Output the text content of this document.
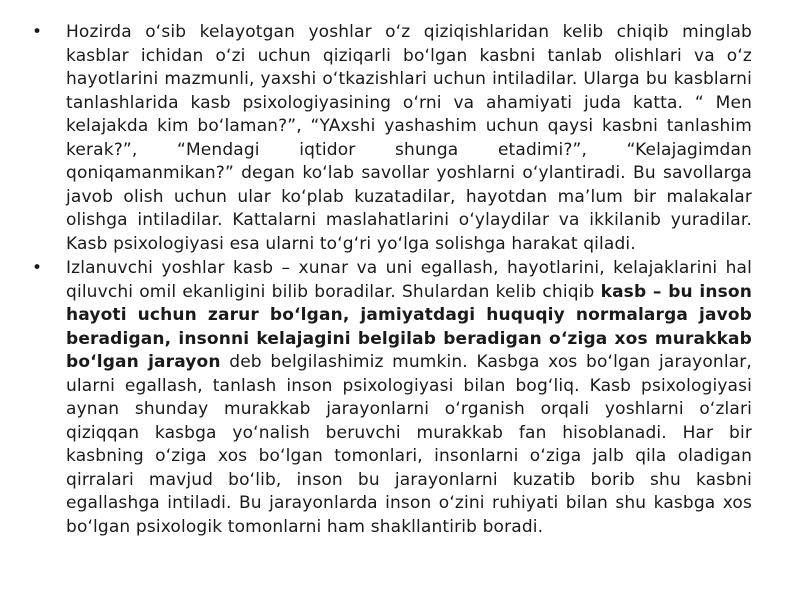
• Hozirda o‘sib kelayotgan yoshlar o‘z qiziqishlaridan kelib chiqib minglab kasblar ichidan o‘zi uchun qiziqarli bo‘lgan kasbni tanlab olishlari va o‘z hayotlarini mazmunli, yaxshi o‘tkazishlari uchun intiladilar. Ularga bu kasblarni tanlashlarida kasb psixologiyasining o‘rni va ahamiyati juda katta. “ Men kelajakda kim bo‘laman?”, “YAxshi yashashim uchun qaysi kasbni tanlashim kerak?”, “Mendagi iqtidor shunga etadimi?”, “Kelajagimdan qoniqamanmikan?” degan ko‘lab savollar yoshlarni o‘ylantiradi. Bu savollarga javob olish uchun ular ko‘plab kuzatadilar, hayotdan ma’lum bir malakalar olishga intiladilar. Kattalarni maslahatlarini o‘ylaydilar va ikkilanib yuradilar. Kasb psixologiyasi esa ularni to‘g‘ri yo‘lga solishga harakat qiladi.
• Izlanuvchi yoshlar kasb – xunar va uni egallash, hayotlarini, kelajaklarini hal qiluvchi omil ekanligini bilib boradilar. Shulardan kelib chiqib kasb – bu inson hayoti uchun zarur bo‘lgan, jamiyatdagi huquqiy normalarga javob beradigan, insonni kelajagini belgilab beradigan o‘ziga xos murakkab bo‘lgan jarayon deb belgilashimiz mumkin. Kasbga xos bo‘lgan jarayonlar, ularni egallash, tanlash inson psixologiyasi bilan bog‘liq. Kasb psixologiyasi aynan shunday murakkab jarayonlarni o‘rganish orqali yoshlarni o‘zlari qiziqqan kasbga yo‘nalish beruvchi murakkab fan hisoblanadi. Har bir kasbning o‘ziga xos bo‘lgan tomonlari, insonlarni o‘ziga jalb qila oladigan qirralari mavjud bo‘lib, inson bu jarayonlarni kuzatib borib shu kasbni egallashga intiladi. Bu jarayonlarda inson o‘zini ruhiyati bilan shu kasbga xos bo‘lgan psixologik tomonlarni ham shakllantirib boradi.
